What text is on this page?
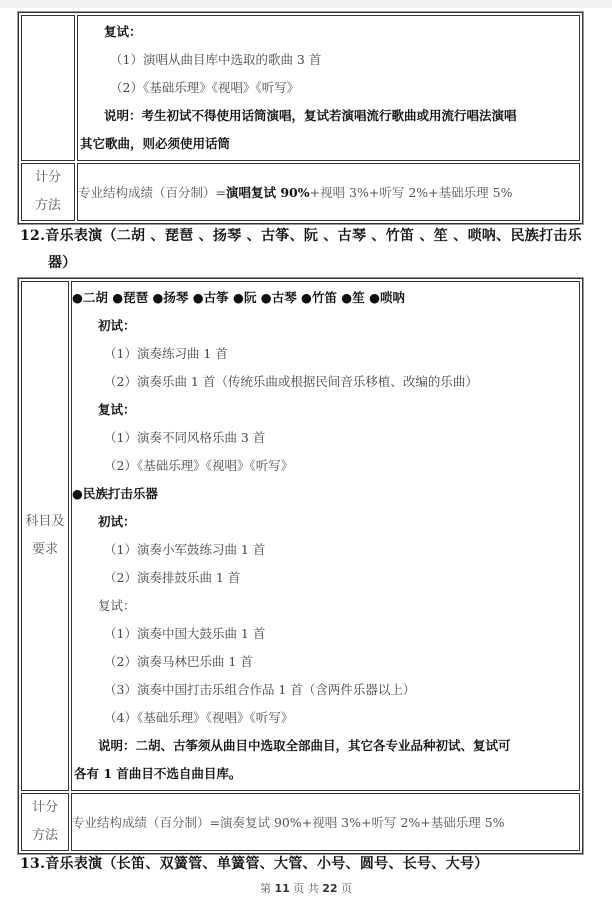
	复试：
（1）演唱从曲目库中选取的歌曲 3 首
（2）《基础乐理》《视唱》《听写》
说明：考生初试不得使用话筒演唱，复试若演唱流行歌曲或用流行唱法演唱
其它歌曲，则必须使用话筒

计分
方法	专业结构成绩（百分制）=演唱复试 90%+视唱 3%+听写 2%+基础乐理 5%
12.音乐表演（二胡 、琵琶 、扬琴 、古筝、阮 、古琴 、竹笛 、笙 、唢呐、民族打击乐
器）
科目及
要求

●二胡 ●琵琶 ●扬琴 ●古筝 ●阮 ●古琴 ●竹笛 ●笙 ●唢呐
初试：
（1）演奏练习曲 1 首
（2）演奏乐曲 1 首（传统乐曲或根据民间音乐移植、改编的乐曲）
复试：
（1）演奏不同风格乐曲 3 首
（2）《基础乐理》《视唱》《听写》
●民族打击乐器
初试：
（1）演奏小军鼓练习曲 1 首
（2）演奏排鼓乐曲 1 首
复试：
（1）演奏中国大鼓乐曲 1 首
（2）演奏马林巴乐曲 1 首
（3）演奏中国打击乐组合作品 1 首（含两件乐器以上）
（4）《基础乐理》《视唱》《听写》
说明：二胡、古筝须从曲目中选取全部曲目，其它各专业品种初试、复试可
各有 1 首曲目不选自曲目库。

计分
方法	专业结构成绩（百分制）=演奏复试 90%+视唱 3%+听写 2%+基础乐理 5%
13.音乐表演（长笛、双簧管、单簧管、大管、小号、圆号、长号、大号）
第 11 页 共 22 页
